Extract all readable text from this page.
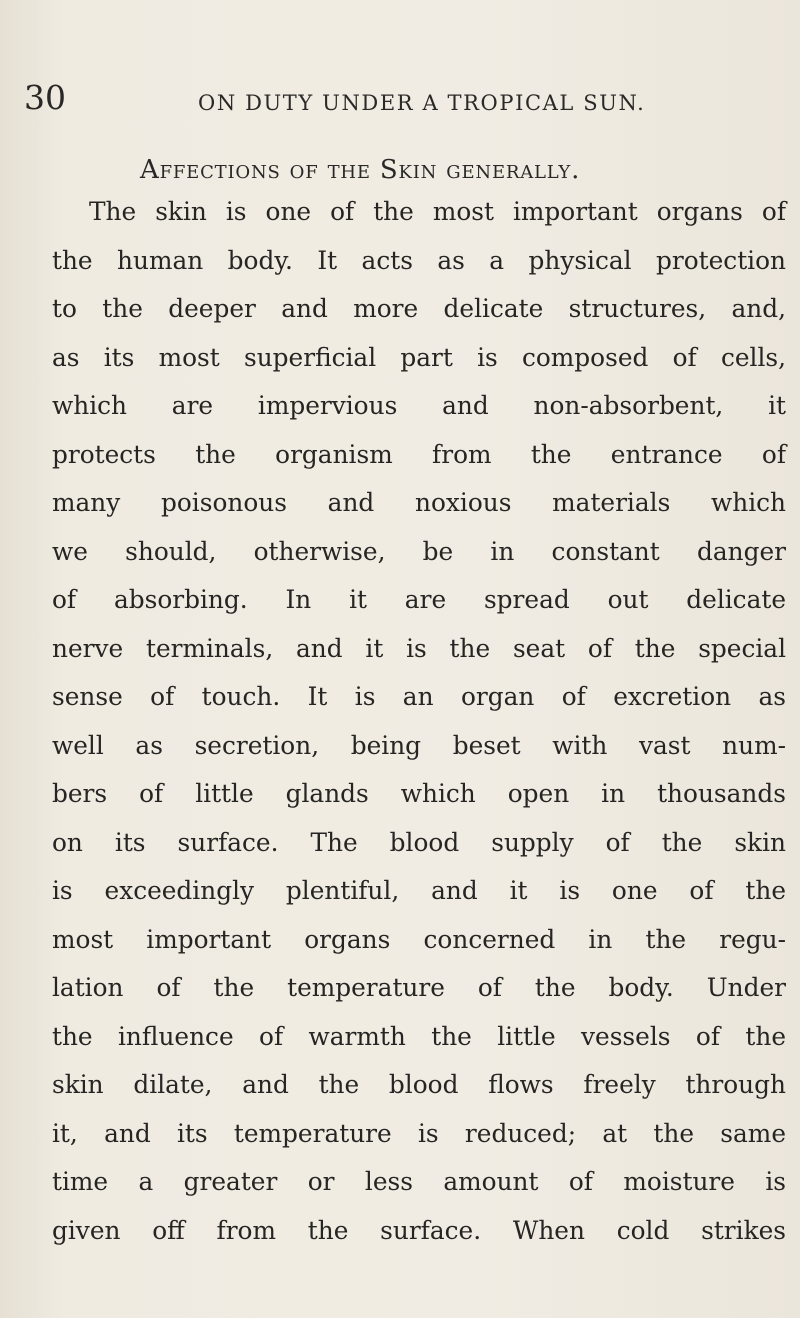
30	ON DUTY UNDER A TROPICAL SUN.
Affections of the Skin generally.
The skin is one of the most important organs of
the human body. It acts as a physical protection
to the deeper and more delicate structures, and,
as its most superficial part is composed of cells,
which are impervious and non-absorbent, it
protects the organism from the entrance of
many poisonous and noxious materials which
we should, otherwise, be in constant danger
of absorbing. In it are spread out delicate
nerve terminals, and it is the seat of the special
sense of touch. It is an organ of excretion as
well as secretion, being beset with vast num-
bers of little glands which open in thousands
on its surface. The blood supply of the skin
is exceedingly plentiful, and it is one of the
most important organs concerned in the regu-
lation of the temperature of the body. Under
the influence of warmth the little vessels of the
skin dilate, and the blood flows freely through
it, and its temperature is reduced; at the same
time a greater or less amount of moisture is
given off from the surface. When cold strikes
